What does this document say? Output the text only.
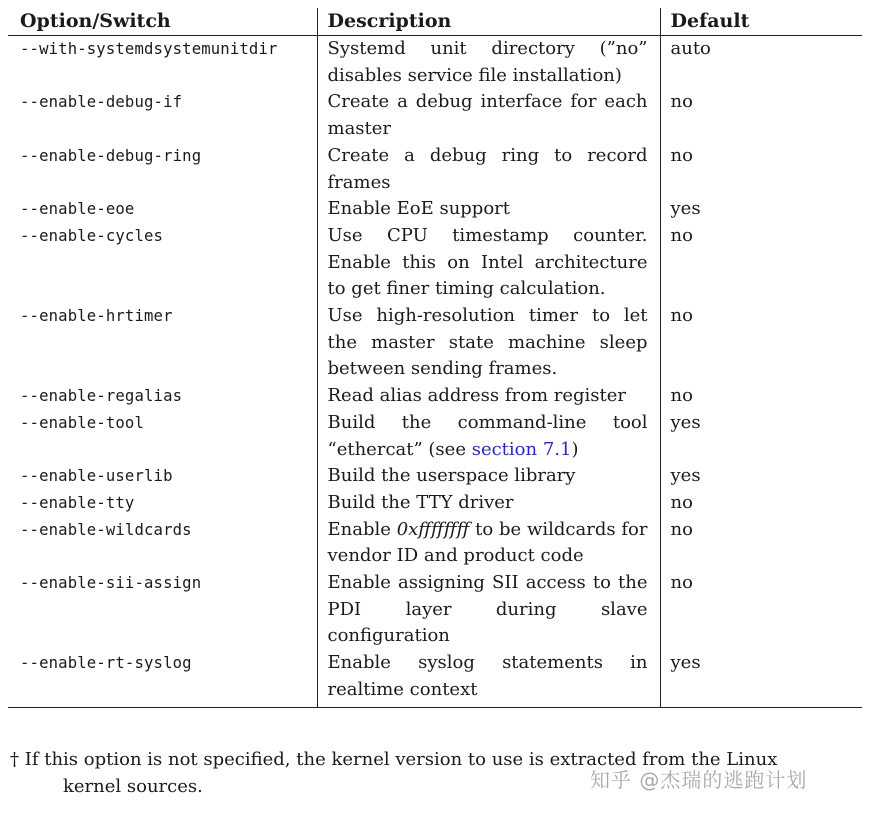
Option/Switch	Description	Default
--with-systemdsystemunitdir	Systemd unit directory (”no” disables service file installation)	auto
--enable-debug-if	Create a debug interface for each master	no
--enable-debug-ring	Create a debug ring to record frames	no
--enable-eoe	Enable EoE support	yes
--enable-cycles	Use CPU timestamp counter. Enable this on Intel architecture to get finer timing calculation.	no
--enable-hrtimer	Use high-resolution timer to let the master state machine sleep between sending frames.	no
--enable-regalias	Read alias address from register	no
--enable-tool	Build the command-line tool “ethercat” (see section 7.1)	yes
--enable-userlib	Build the userspace library	yes
--enable-tty	Build the TTY driver	no
--enable-wildcards	Enable 0xffffffff to be wildcards for vendor ID and product code	no
--enable-sii-assign	Enable assigning SII access to the PDI layer during slave configuration	no
--enable-rt-syslog	Enable syslog statements in realtime context	yes
† If this option is not specified, the kernel version to use is extracted from the Linux
kernel sources.	知乎 @杰瑞的逃跑计划
